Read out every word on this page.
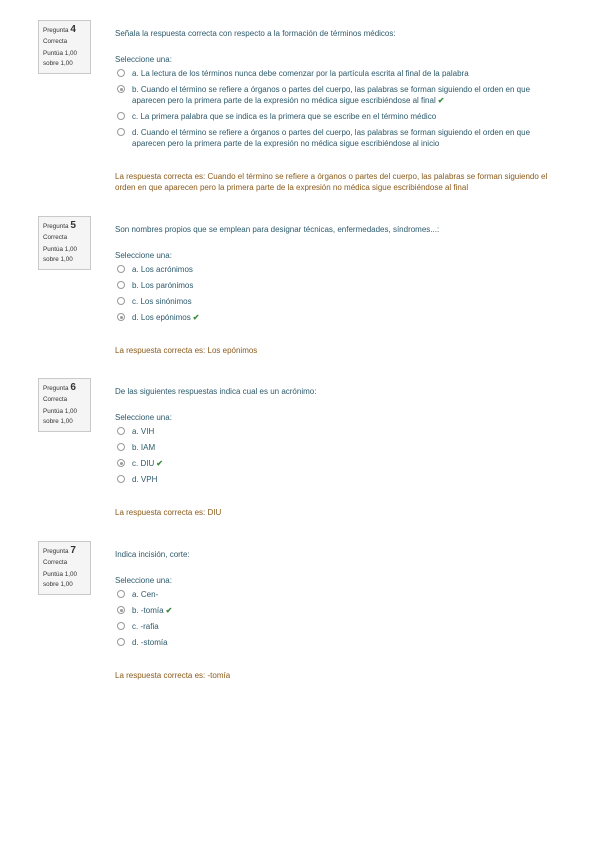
Pregunta 4
Correcta
Puntúa 1,00
sobre 1,00

Señala la respuesta correcta con respecto a la formación de términos médicos:

Seleccione una:
a. La lectura de los términos nunca debe comenzar por la partícula escrita al final de la palabra
b. Cuando el término se refiere a órganos o partes del cuerpo, las palabras se forman siguiendo el orden en que aparecen pero la primera parte de la expresión no médica sigue escribiéndose al final ✔
c. La primera palabra que se indica es la primera que se escribe en el término médico
d. Cuando el término se refiere a órganos o partes del cuerpo, las palabras se forman siguiendo el orden en que aparecen pero la primera parte de la expresión no médica sigue escribiéndose al inicio
La respuesta correcta es: Cuando el término se refiere a órganos o partes del cuerpo, las palabras se forman siguiendo el orden en que aparecen pero la primera parte de la expresión no médica sigue escribiéndose al final
Pregunta 5
Correcta
Puntúa 1,00
sobre 1,00

Son nombres propios que se emplean para designar técnicas, enfermedades, síndromes...:

Seleccione una:
a. Los acrónimos
b. Los parónimos
c. Los sinónimos
d. Los epónimos ✔
La respuesta correcta es: Los epónimos
Pregunta 6
Correcta
Puntúa 1,00
sobre 1,00

De las siguientes respuestas indica cual es un acrónimo:

Seleccione una:
a. VIH
b. IAM
c. DIU ✔
d. VPH
La respuesta correcta es: DIU
Pregunta 7
Correcta
Puntúa 1,00
sobre 1,00

Indica incisión, corte:

Seleccione una:
a. Cen-
b. -tomía ✔
c. -rafia
d. -stomía
La respuesta correcta es: -tomía
